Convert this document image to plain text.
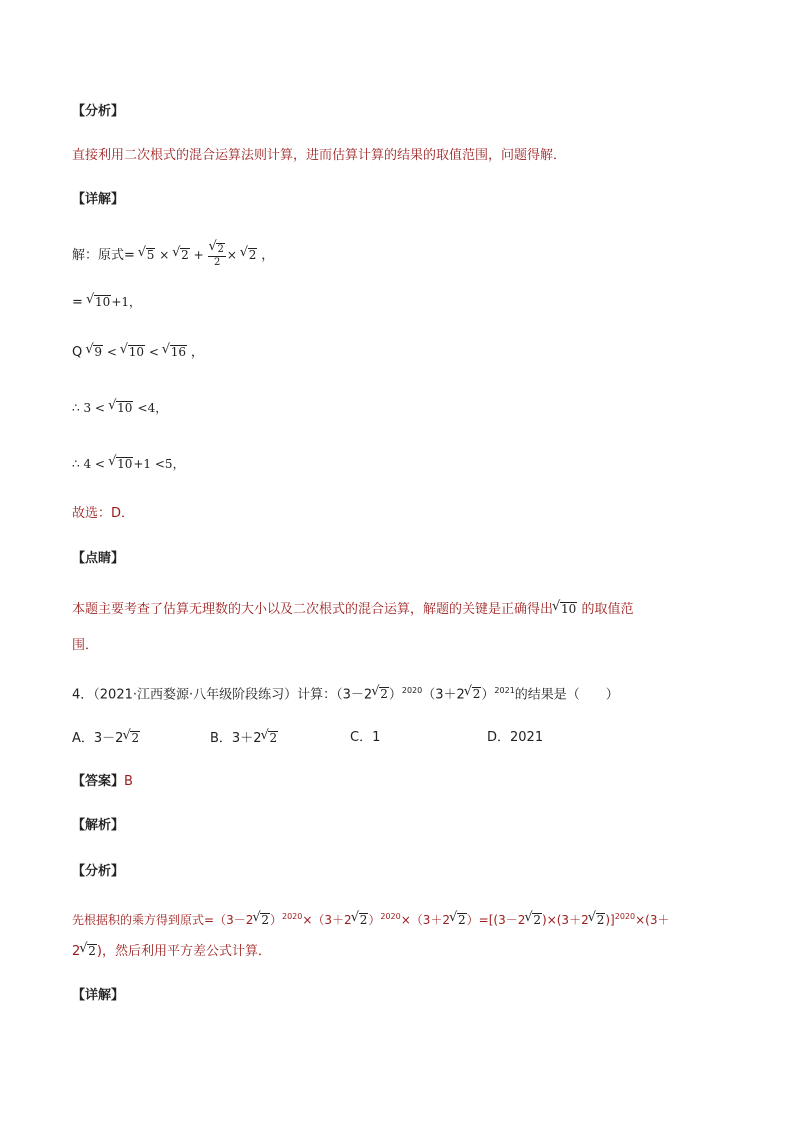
【分析】
直接利用二次根式的混合运算法则计算，进而估算计算的结果的取值范围，问题得解．
【详解】
解：原式= √ 5 × √ 2 + √ $\frac{2}{2}$ × √ 2 ，
= √ 10+1，
Q √ 9 < √ 10 < √ 16 ，
∴ 3 < √ 10 <4，
∴ 4 < √ 10+1 <5，
故选：D．
【点睛】
本题主要考查了估算无理数的大小以及二次根式的混合运算，解题的关键是正确得出 √ 10 的取值范
围．
4．（2021·江西婺源·八年级阶段练习）计算：（3－2 √ 2）$^{2020}$（3＋2 √ 2）$^{2021}$的结果是（　　）
A．3－2 √ 2	B．3＋2 √ 2	C．1	D．2021
【答案】B
【解析】
【分析】
先根据积的乘方得到原式=（3－2 √ 2）$^{2020}$×（3＋2 √ 2）$^{2020}$×（3＋2 √ 2）=[(3－2 √ 2)×(3＋2 √ 2)]$^{2020}$×(3＋
2 √ 2)，然后利用平方差公式计算．
【详解】
